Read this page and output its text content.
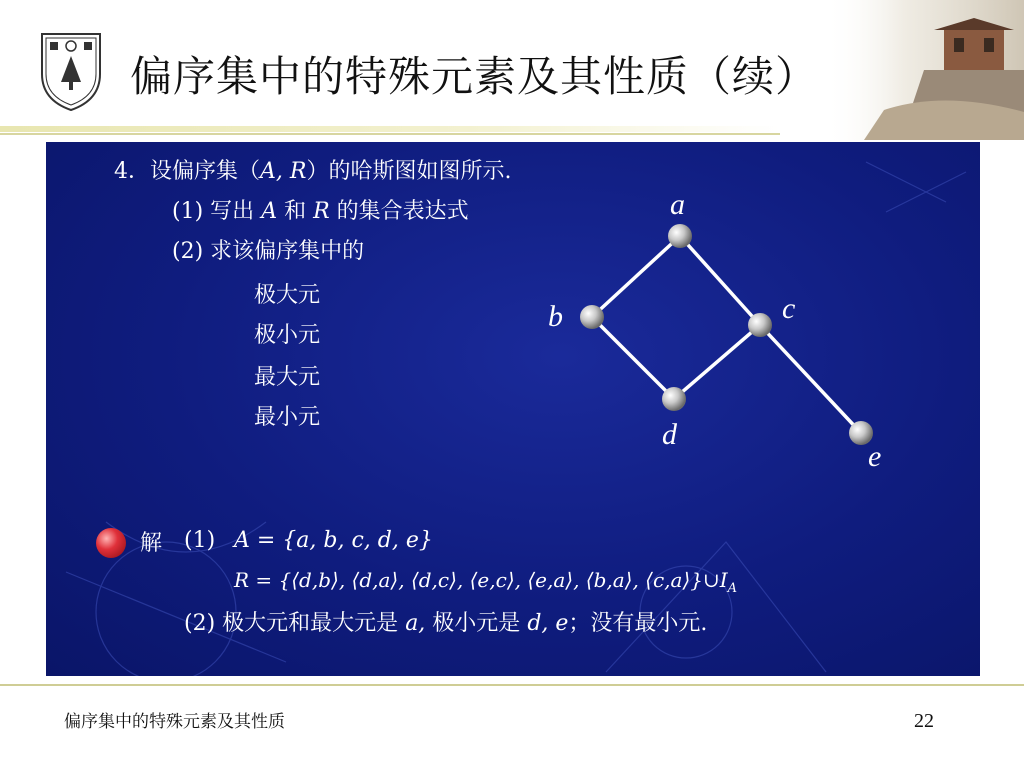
偏序集中的特殊元素及其性质（续）
a
b	c
d
e
4．设偏序集（A, R）的哈斯图如图所示.
(1) 写出 A 和 R 的集合表达式
(2) 求该偏序集中的
极大元
极小元
最大元
最小元
解 (1) A = {a, b, c, d, e}
R = {⟨d,b⟩, ⟨d,a⟩, ⟨d,c⟩, ⟨e,c⟩, ⟨e,a⟩, ⟨b,a⟩, $⟨c,a⟩\}\cup I_A$
(2) 极大元和最大元是 a, 极小元是 d, e；没有最小元.
偏序集中的特殊元素及其性质	22
